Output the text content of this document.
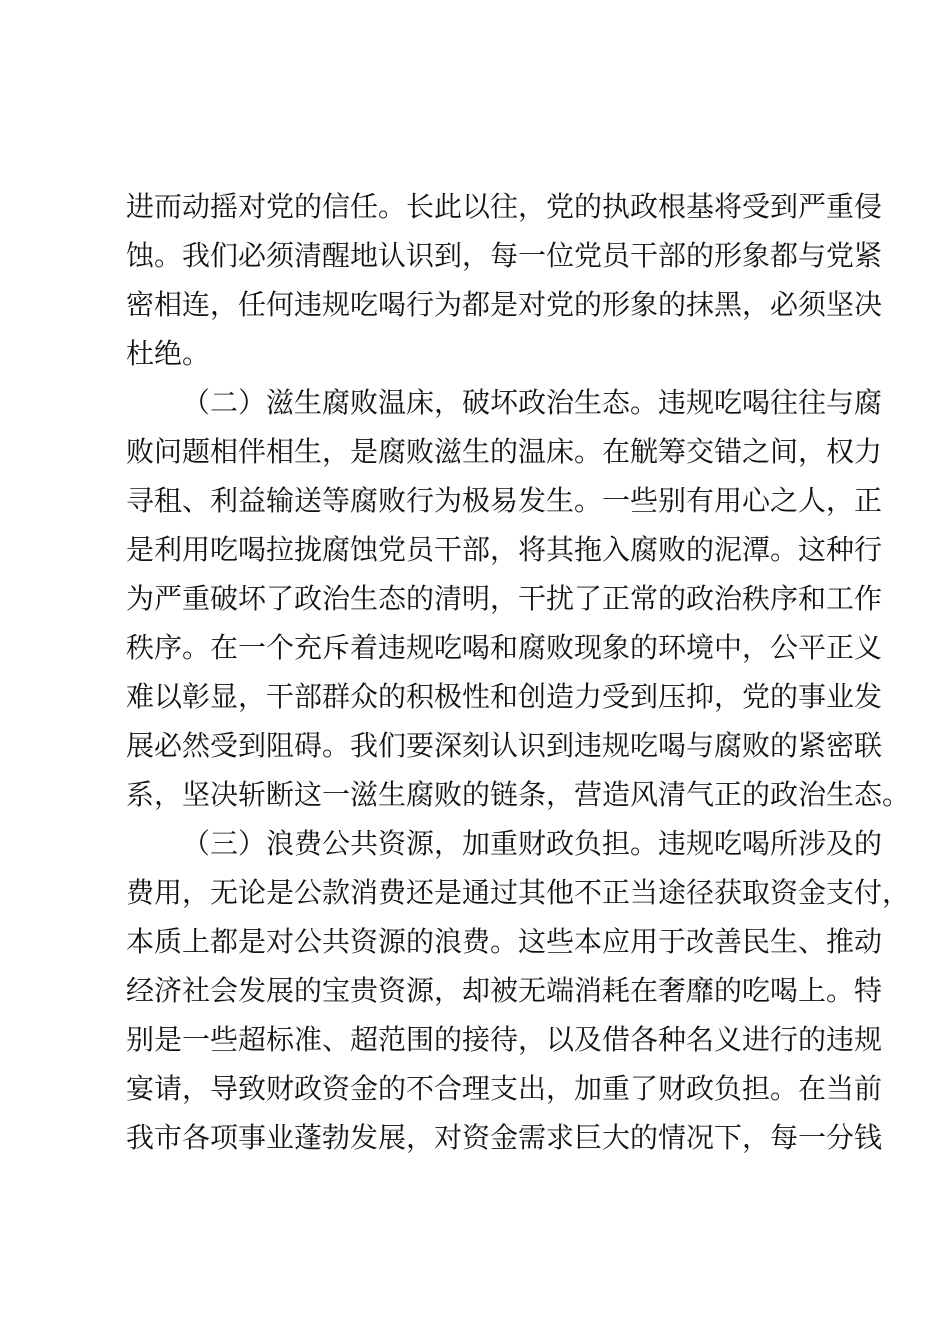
进而动摇对党的信任。长此以往，党的执政根基将受到严重侵
蚀。我们必须清醒地认识到，每一位党员干部的形象都与党紧
密相连，任何违规吃喝行为都是对党的形象的抹黑，必须坚决
杜绝。
（二）滋生腐败温床，破坏政治生态。违规吃喝往往与腐
败问题相伴相生，是腐败滋生的温床。在觥筹交错之间，权力
寻租、利益输送等腐败行为极易发生。一些别有用心之人，正
是利用吃喝拉拢腐蚀党员干部，将其拖入腐败的泥潭。这种行
为严重破坏了政治生态的清明，干扰了正常的政治秩序和工作
秩序。在一个充斥着违规吃喝和腐败现象的环境中，公平正义
难以彰显，干部群众的积极性和创造力受到压抑，党的事业发
展必然受到阻碍。我们要深刻认识到违规吃喝与腐败的紧密联
系，坚决斩断这一滋生腐败的链条，营造风清气正的政治生态。
（三）浪费公共资源，加重财政负担。违规吃喝所涉及的
费用，无论是公款消费还是通过其他不正当途径获取资金支付，
本质上都是对公共资源的浪费。这些本应用于改善民生、推动
经济社会发展的宝贵资源，却被无端消耗在奢靡的吃喝上。特
别是一些超标准、超范围的接待，以及借各种名义进行的违规
宴请，导致财政资金的不合理支出，加重了财政负担。在当前
我市各项事业蓬勃发展，对资金需求巨大的情况下，每一分钱
